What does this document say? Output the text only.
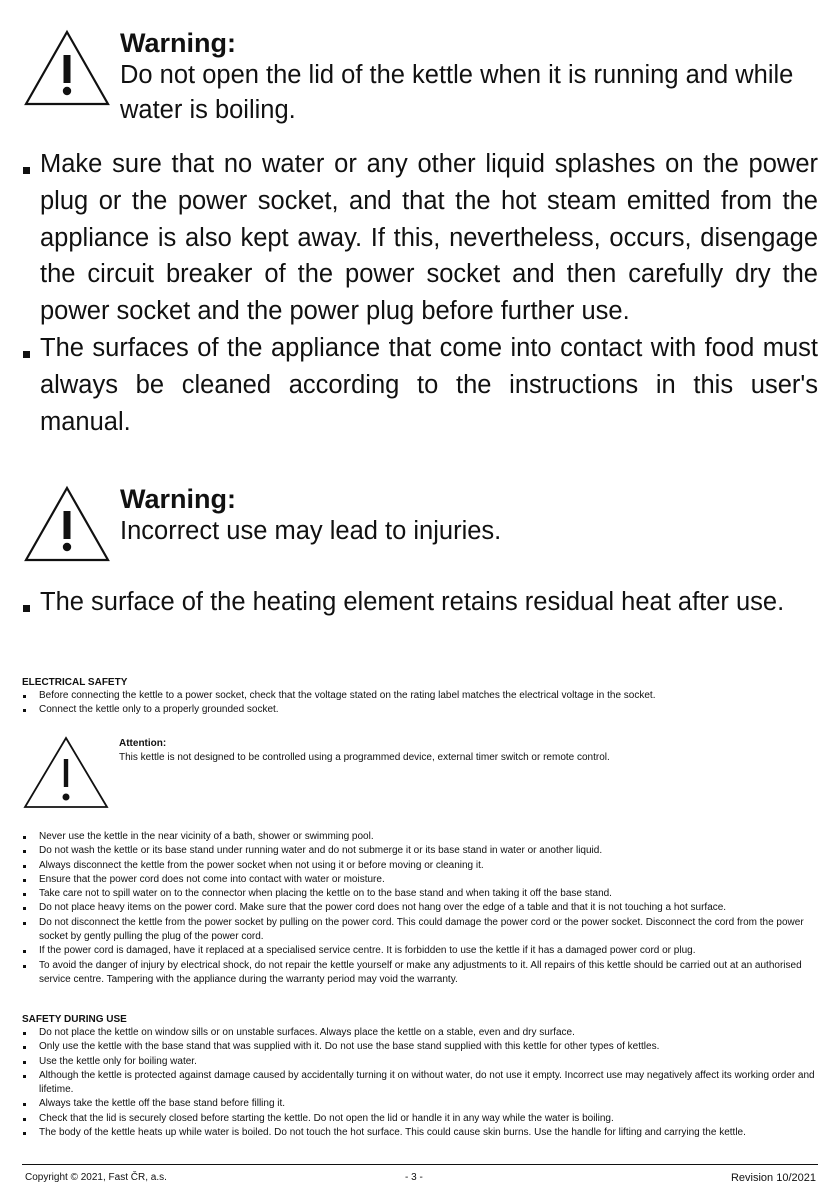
Warning:
Do not open the lid of the kettle when it is running and while water is boiling.
Make sure that no water or any other liquid splashes on the power plug or the power socket, and that the hot steam emitted from the appliance is also kept away. If this, nevertheless, occurs, disengage the circuit breaker of the power socket and then carefully dry the power socket and the power plug before further use.
The surfaces of the appliance that come into contact with food must always be cleaned according to the instructions in this user's manual.
Warning:
Incorrect use may lead to injuries.
The surface of the heating element retains residual heat after use.
ELECTRICAL SAFETY
Before connecting the kettle to a power socket, check that the voltage stated on the rating label matches the electrical voltage in the socket.
Connect the kettle only to a properly grounded socket.
Attention:
This kettle is not designed to be controlled using a programmed device, external timer switch or remote control.
Never use the kettle in the near vicinity of a bath, shower or swimming pool.
Do not wash the kettle or its base stand under running water and do not submerge it or its base stand in water or another liquid.
Always disconnect the kettle from the power socket when not using it or before moving or cleaning it.
Ensure that the power cord does not come into contact with water or moisture.
Take care not to spill water on to the connector when placing the kettle on to the base stand and when taking it off the base stand.
Do not place heavy items on the power cord. Make sure that the power cord does not hang over the edge of a table and that it is not touching a hot surface.
Do not disconnect the kettle from the power socket by pulling on the power cord. This could damage the power cord or the power socket. Disconnect the cord from the power socket by gently pulling the plug of the power cord.
If the power cord is damaged, have it replaced at a specialised service centre. It is forbidden to use the kettle if it has a damaged power cord or plug.
To avoid the danger of injury by electrical shock, do not repair the kettle yourself or make any adjustments to it. All repairs of this kettle should be carried out at an authorised service centre. Tampering with the appliance during the warranty period may void the warranty.
SAFETY DURING USE
Do not place the kettle on window sills or on unstable surfaces. Always place the kettle on a stable, even and dry surface.
Only use the kettle with the base stand that was supplied with it. Do not use the base stand supplied with this kettle for other types of kettles.
Use the kettle only for boiling water.
Although the kettle is protected against damage caused by accidentally turning it on without water, do not use it empty. Incorrect use may negatively affect its working order and lifetime.
Always take the kettle off the base stand before filling it.
Check that the lid is securely closed before starting the kettle. Do not open the lid or handle it in any way while the water is boiling.
The body of the kettle heats up while water is boiled. Do not touch the hot surface. This could cause skin burns. Use the handle for lifting and carrying the kettle.
Copyright © 2021, Fast ČR, a.s.	- 3 -	Revision 10/2021
